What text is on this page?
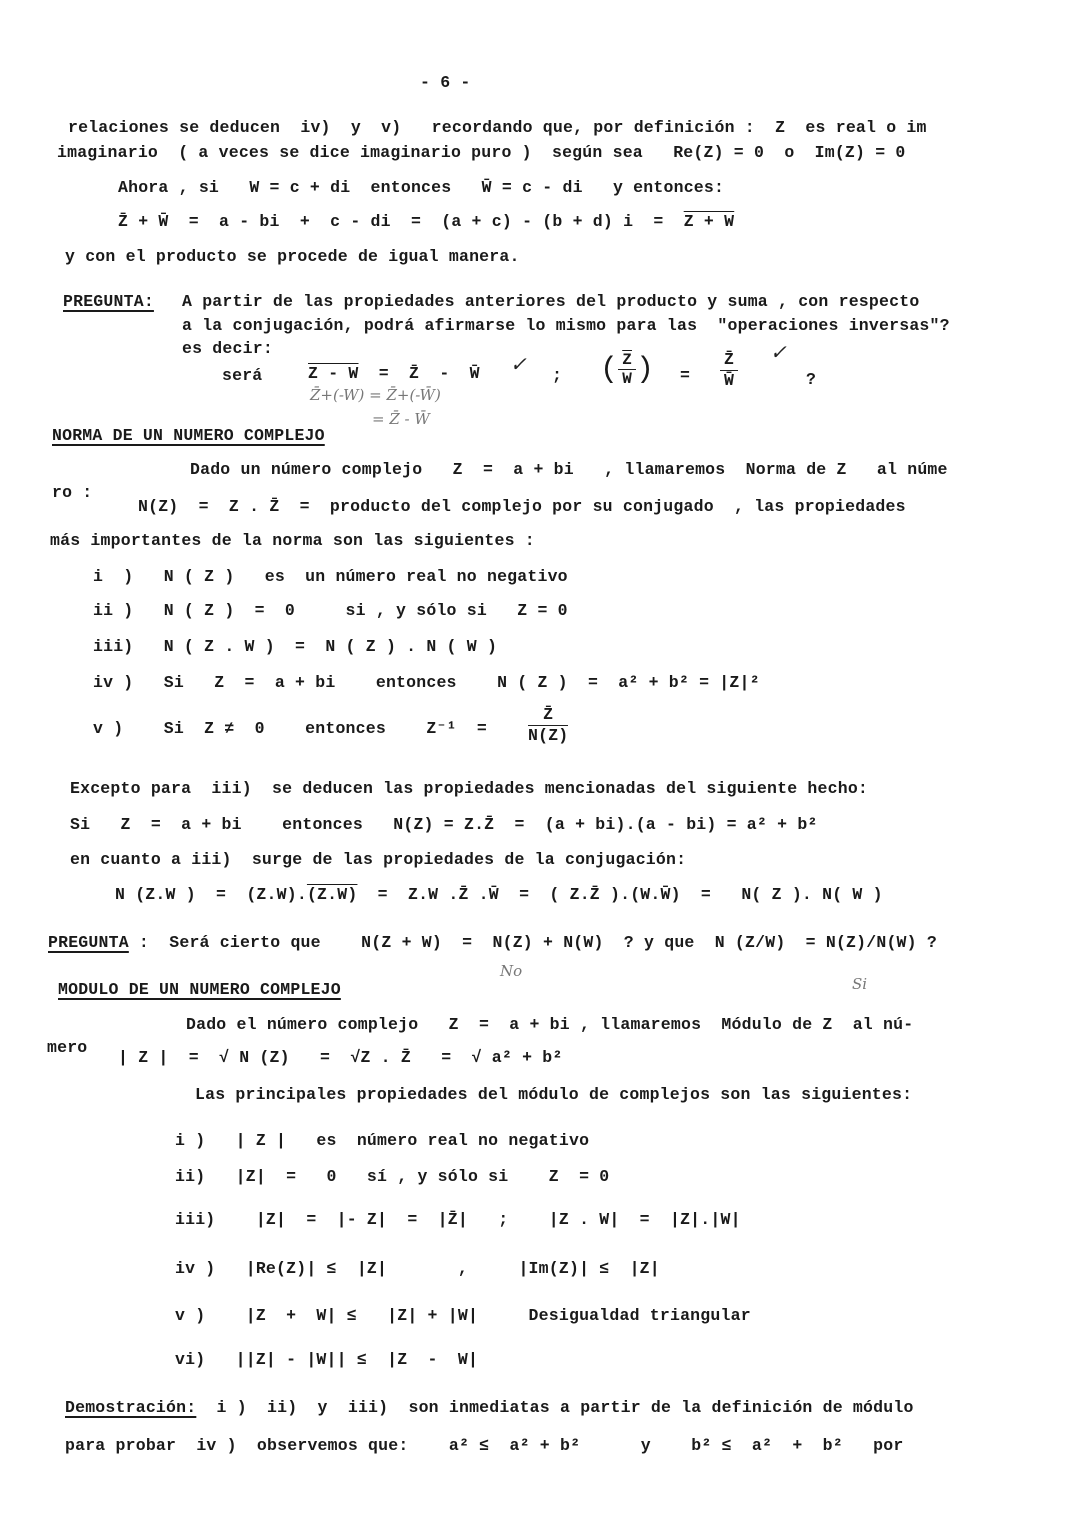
- 6 -
relaciones se deducen  iv)  y  v)   recordando que, por definición :  Z  es real o im
imaginario  ( a veces se dice imaginario puro )  según sea   Re(Z) = 0  o  Im(Z) = 0
Ahora , si   W = c + di  entonces   W̄ = c - di   y entonces:
Z̄ + W̄  =  a - bi  +  c - di  =  (a + c) - (b + d) i  =  Z + W
y con el producto se procede de igual manera.
PREGUNTA: A partir de las propiedades anteriores del producto y suma , con respecto
a la conjugación, podrá afirmarse lo mismo para las  "operaciones inversas"?
es decir:
será	Z - W  =  Z̄  -  W̄ ✓ ; ( $\frac{\overline{Z}}{W}$ ) = $\frac{Z̄}{W̄}$ ✓
?
Z̄+(-W) = Z̄+(-W̄)
= Z̄ - W̄
NORMA DE UN NUMERO COMPLEJO
Dado un número complejo   Z  =  a + bi   , llamaremos  Norma de Z   al núme
ro :
N(Z)  =  Z . Z̄  =  producto del complejo por su conjugado  , las propiedades
más importantes de la norma son las siguientes :
i  )   N ( Z )   es  un número real no negativo
ii )   N ( Z )  =  0     si , y sólo si   Z = 0
iii)   N ( Z . W )  =  N ( Z ) . N ( W )
iv )   Si   Z  =  a + bi    entonces    N ( Z )  =  a² + b² = |Z|²
v )    Si  Z ≠  0    entonces    $Z^{-1} = \frac{Z̄}{N(Z)}$
Excepto para  iii)  se deducen las propiedades mencionadas del siguiente hecho:
Si   Z  =  a + bi    entonces   N(Z) = Z.Z̄  =  (a + bi).(a - bi) = a² + b²
en cuanto a iii)  surge de las propiedades de la conjugación:
N (Z.W )  =  (Z.W).(Z.W)  =  Z.W .Z̄ .W̄  =  ( Z.Z̄ ).(W.W̄)  =   N( Z ). N( W )
PREGUNTA :  Será cierto que    N(Z + W)  =  N(Z) + N(W)  ? y que  N (Z/W)  = N(Z)/N(W) ?
No
Si
MODULO DE UN NUMERO COMPLEJO
Dado el número complejo   Z  =  a + bi , llamaremos  Módulo de Z  al nú-
mero
| Z |  =  √ N (Z)   =  √Z . Z̄   =  √ a² + b²
Las principales propiedades del módulo de complejos son las siguientes:
i )   | Z |   es  número real no negativo
ii)   |Z|  =   0   sí , y sólo si    Z  = 0
iii)    |Z|  =  |- Z|  =  |Z̄|   ;    |Z . W|  =  |Z|.|W|
iv )   |Re(Z)| ≤  |Z|       ,     |Im(Z)| ≤  |Z|
v )    |Z  +  W| ≤   |Z| + |W|     Desigualdad triangular
vi)   ||Z| - |W|| ≤  |Z  -  W|
Demostración:  i )  ii)  y  iii)  son inmediatas a partir de la definición de módulo
para probar  iv )  observemos que:    a² ≤  a² + b²      y    b² ≤  a²  +  b²   por
